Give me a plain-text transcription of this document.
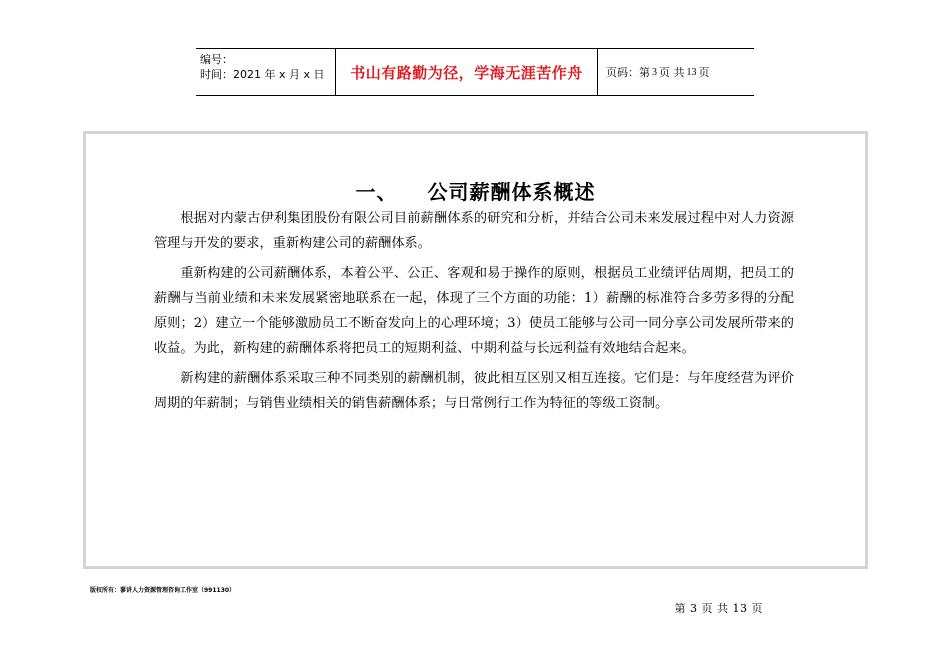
编号：
时间：2021 年 x 月 x 日	书山有路勤为径，学海无涯苦作舟	页码：第 3 页 共 13 页
一、 公司薪酬体系概述

根据对内蒙古伊利集团股份有限公司目前薪酬体系的研究和分析，并结合公司未来发展过程中对人力资源管理与开发的要求，重新构建公司的薪酬体系。

重新构建的公司薪酬体系，本着公平、公正、客观和易于操作的原则，根据员工业绩评估周期，把员工的薪酬与当前业绩和未来发展紧密地联系在一起，体现了三个方面的功能：1）薪酬的标准符合多劳多得的分配原则；2）建立一个能够激励员工不断奋发向上的心理环境；3）使员工能够与公司一同分享公司发展所带来的收益。为此，新构建的薪酬体系将把员工的短期利益、中期利益与长远利益有效地结合起来。

新构建的薪酬体系采取三种不同类别的薪酬机制，彼此相互区别又相互连接。它们是：与年度经营为评价周期的年薪制；与销售业绩相关的销售薪酬体系；与日常例行工作为特征的等级工资制。

版权所有：蓼讲人力资源管理咨询工作室（991130）
第 3 页 共 13 页
